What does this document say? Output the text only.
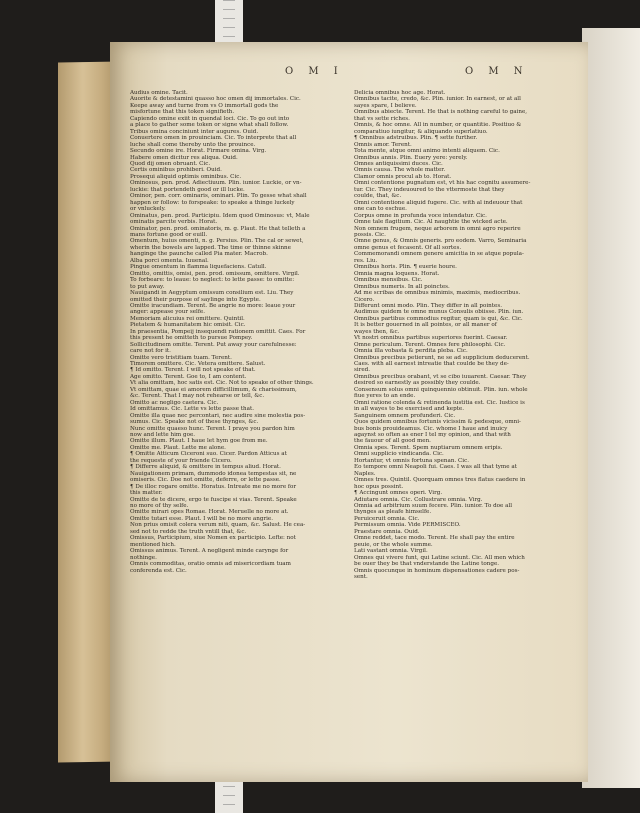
O M I	O M N
Audius omine. Tacit.
Auorite & detestamini quasso hoc omen dij immortales. Cic.
Keepe away and turne from vs O immortall gods the
misfortune that this token signifieth.
Capiendo omine exiit in quendal loci. Cic. To go out into
a place to gather some token or signe what shall follow.
Tribus omina conciniunt inter augures. Ouid.
Conuertere omen in prouinciam. Cic. To interprete that all
luche shall come thereby unto the prouince.
Secundo omine ire. Horat. Firmare omina. Virg.
Habere omen dicitur res aliqua. Ouid.
Quod dij omen obruant. Cic.
Certis ominibus prohiberi. Ouid.
Prosequi aliquid optimis ominibus. Cic.
Ominosus, pen. prod. Adiectiuum. Plin. iunior. Luckie, or vn-
luckie: that portendeth good or ill lucke.
Ominor, pen. corr. ominaris, ominari. Plin. To gesse what shall
happen or follow: to forspeake: to speake a thinge luckely
or vnluckely.
Ominatus, pen. prod. Participiu. Idem quod Ominosus: vt, Male
ominatis parcite verbis. Horat.
Ominator, pen. prod. ominatoris, m. g. Plaut. He that telleth a
mans fortune good or euill.
Omentum, huius omenti, n. g. Persius. Plin. The cal or sewet,
wherin the bowels are lapped. The time or thinne skinne
hanginge the paunche called Pia mater. Macrob.
Alba porci omenta. Iuuenal.
Pingue omentum in flamma liquefaciens. Catull.
Omitto, omittis, omisi, pen. prod. omissum, omittere. Virgil.
To forbeare: to leaue: to neglect: to lette passe: to omitte:
to put away.
Nauigandi in Aegyptum omissum consilium est. Liu. They
omitted their purpose of saylinge into Egypte.
Omitte iracundiam. Terent. Be angrie no more: leaue your
anger: appease your selfe.
Memoriam alicuius rei omittere. Quintil.
Pietatem & humanitatem hic omisit. Cic.
In praesentia, Pompeij insequendi rationem omittit. Caes. For
this present he omitteth to pursue Pompey.
Sollicitudinem omitte. Terent. Put away your carefulnesse:
care not for it.
Omitte vero tristitiam tuam. Terent.
Timorem omittere. Cic. Vetera omittere. Salust.
¶ Id omitto. Terent. I will not speake of that.
Age omitto. Terent. Goe to, I am content.
Vt alia omittam, hoc satis est. Cic. Not to speake of other things.
Vt omittam, quae ei amorem difficillimum, & charissimum,
&c. Terent. That I may not rehearse or tell, &c.
Omitto ac negligo caetera. Cic.
Id omittamus. Cic. Lette vs lette passe that.
Omitte illa quae nec percontari, nec audire sine molestia pos-
sumus. Cic. Speake not of these thynges, &c.
Nunc omitte quaeso hunc. Terent. I praye you pardon him
now and lette him goe.
Omitte illum. Plaut. I haue let hym goe from me.
Omitte me. Plaut. Lette me alone.
¶ Omitte Atticum Ciceroni suo. Cicer. Pardon Atticus at
the requeste of your friende Cicero.
¶ Differre aliquid, & omittere in tempus aliud. Horat.
Nauigationem primam, dummodo idonea tempestas sit, ne
omiseris. Cic. Doe not omitte, deferre, or lette passe.
¶ De illoc rogare omitte. Horatus. Intreate me no more for
this matter.
Omitte de te dicere, ergo te fuscipe si vias. Terent. Speake
no more of thy selfe.
Omitte mirari opes Romae. Horat. Meruelle no more at.
Omitte tutari esse. Plaut. I will be no more angrie.
Non prius omisit colera verum niti, quam, &c. Salust. He cea-
sed not to redde the truth vntill that, &c.
Omissus, Participium, siue Nomen ex participio. Lefte: not
mentioned hich.
Omissus animus. Terent. A negligent minde carynge for
nothinge.
Omnis commoditas, oratio omnis ad misericordiam tuam
conferenda est. Cic.
Delicia omnibus hoc age. Horat.
Omnibus tacite, credo, &c. Plin. iunior. In earnest, or at all
sayes spare, I believe.
Omnibus abiecte. Terent. He that is nothing careful to gaine,
that vs sette riches.
Omnis, & hoc omne. All in number, or quantitie. Positiuo &
comparatiuo iungitur, & aliquando superlatiuo.
¶ Omnibus adstruibus. Plin. ¶ sette further.
Omnis amor. Terent.
Tota mente, atque omni animo intenti aliquem. Cic.
Omnibus annis. Plin. Euery yere: yerely.
Omnes antiquissimi duces. Cic.
Omnis causa. The whole matter.
Clamor omnis procul ab to. Horat.
Omni contentione pugnatum est, vt his hac cognitu assumere-
tur. Cic. They indeuoured to the vttermoste that they
coulde, that, &c.
Omni contentione aliquid fugere. Cic. with al indeuour that
one can to eschue.
Corpus omne in profunda voce intendatur. Cic.
Omne tale flagitium. Cic. Al naughtie the wicked acte.
Non omnem frugem, neque arborem in omni agro reperire
possis. Cic.
Omne genus, & Omnis generis. pro eodem. Varro, Seminaria
omne genus et fecasent. Of all sortes.
Commemorandi omnem genere amicitia in se atque popula-
res. Liu.
Omnibus horis. Plin. ¶ euerie houre.
Omnia magna loquens. Horat.
Omnibus mensibus. Cic.
Omnibus numeris. In all poinctes.
Ad me scribas de omnibus minimis, maximis, mediocribus.
Cicero.
Differunt omni modo. Plin. They differ in all pointes.
Audimus quidem te omne munus Consulis obiisse. Plin. iun.
Omnibus partibus commodius regitur, quam is qui, &c. Cic.
It is better gouerned in all pointes, or all maner of
wayes then, &c.
Vt nostri omnibus partibus superiores fuerint. Caesar.
Omne periculum. Terent. Omnes fere philosophi. Cic.
Omnia illa vobasta & perdita pleba. Cic.
Omnibus precibus petierunt, ne se ad supplicium deducerent.
Caes. with all earnest intreatie that coulde be they de-
sired.
Omnibus precibus orabant, vt se cibo iuuarent. Caesar. They
desired so earnestly as possibly they coulde.
Consensum solus omni quinquennio obtinuit. Plin. iun. whole
fiue yeres to an ende.
Omni ratione colenda & retinenda iustitia est. Cic. Iustice is
in all wayes to be exercised and kepte.
Sanguinem omnem profunderi. Cic.
Quos quidem omnibus fortunis vicissim & pedesque, omni-
bus bonis prouideamus. Cic. whome I haue and inuicy
agaynst so often as ener I tel my opinion, and that with
the fauour of all good men.
Omnia spes. Terent. Spem nuptiarum omnem eripis.
Omni supplicio vindicanda. Cic.
Hortantur, vt omnis fortuna spenan. Cic.
Eo tempore omni Neapoli fui. Caes. I was all that tyme at
Naples.
Omnes tres. Quintil. Quorquam omnes tres flatus caedere in
hoc opus possint.
¶ Accingunt omnes operi. Virg.
Adiutare omnia. Cic. Collustrare omnia. Virg.
Omnia ad arbitrium suum fecere. Plin. iunior. To doe all
thynges as pleafe himselfe.
Peruiceruit omnia. Cic.
Permissum omnia. Vide PERMISCEO.
Praestare omnia. Ouid.
Omne reddet, tace modo. Terent. He shall pay the entire
peuie, or the whole summe.
Lati vastant omnia. Virgil.
Omnes qui vivere funt, qui Latine sciunt. Cic. All men which
be ouer they be that vnderstande the Latine tonge.
Omnis quocunque in hominum dispensationes cadere pos-
sent.
